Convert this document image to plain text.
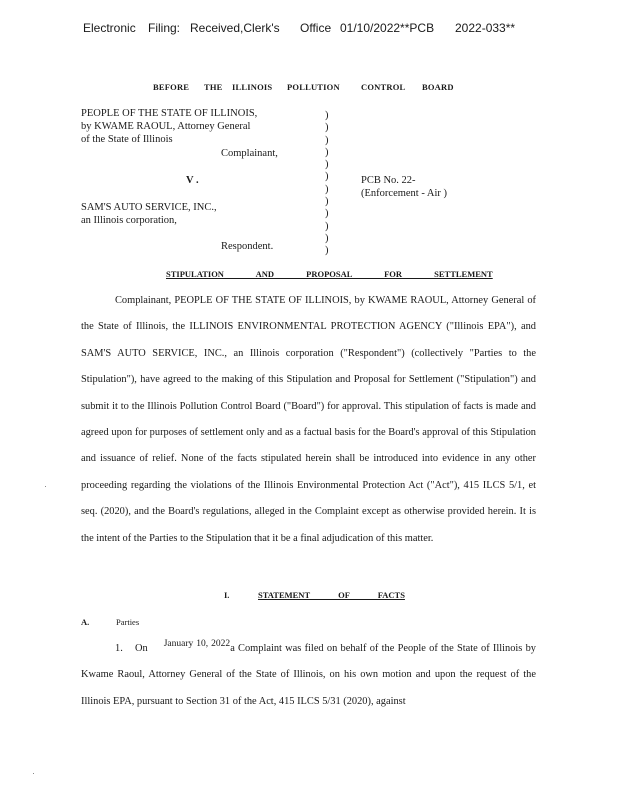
Electronic Filing: Received,Clerk's Office 01/10/2022**PCB 2022-033**
BEFORE THE ILLINOIS POLLUTION CONTROL BOARD
PEOPLE OF THE STATE OF ILLINOIS,
by KWAME RAOUL, Attorney General
of the State of Illinois
Complainant,
V .	PCB No. 22-
(Enforcement - Air )
SAM'S AUTO SERVICE, INC.,
an Illinois corporation,
Respondent.
)
)
)
)
)
)
)
)
)
)
)
)
STIPULATION AND PROPOSAL FOR SETTLEMENT

Complainant, PEOPLE OF THE STATE OF ILLINOIS, by KWAME RAOUL, Attorney General of the State of Illinois, the ILLINOIS ENVIRONMENTAL PROTECTION AGENCY ("Illinois EPA"), and SAM'S AUTO SERVICE, INC., an Illinois corporation ("Respondent") (collectively "Parties to the Stipulation"), have agreed to the making of this Stipulation and Proposal for Settlement ("Stipulation") and submit it to the Illinois Pollution Control Board ("Board") for approval. This stipulation of facts is made and agreed upon for purposes of settlement only and as a factual basis for the Board's approval of this Stipulation and issuance of relief. None of the facts stipulated herein shall be introduced into evidence in any other proceeding regarding the violations of the Illinois Environmental Protection Act ("Act"), 415 ILCS 5/1, et seq. (2020), and the Board's regulations, alleged in the Complaint except as otherwise provided herein. It is the intent of the Parties to the Stipulation that it be a final adjudication of this matter.

I.	STATEMENT OF FACTS
A.	Parties

1. On January 10, 2022a Complaint was filed on behalf of the People of the State of Illinois by Kwame Raoul, Attorney General of the State of Illinois, on his own motion and upon the request of the Illinois EPA, pursuant to Section 31 of the Act, 415 ILCS 5/31 (2020), against
